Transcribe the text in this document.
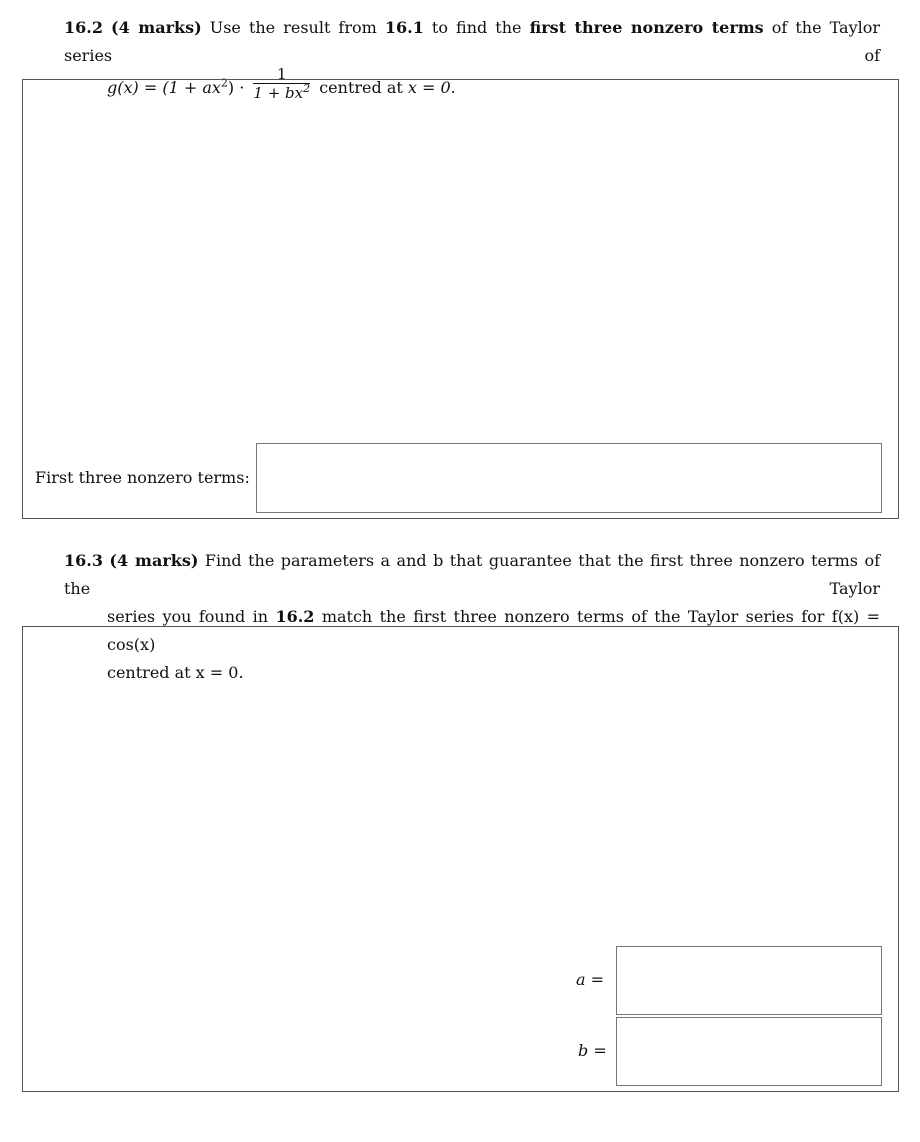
16.2 (4 marks) Use the result from 16.1 to find the first three nonzero terms of the Taylor series of
$g(x) = (1 + ax^2) \cdot \frac{1}{1 + bx^2}$ centred at x = 0.
First three nonzero terms:
16.3 (4 marks) Find the parameters a and b that guarantee that the first three nonzero terms of the Taylor
series you found in 16.2 match the first three nonzero terms of the Taylor series for f(x) = cos(x)
centred at x = 0.
a =
b =
